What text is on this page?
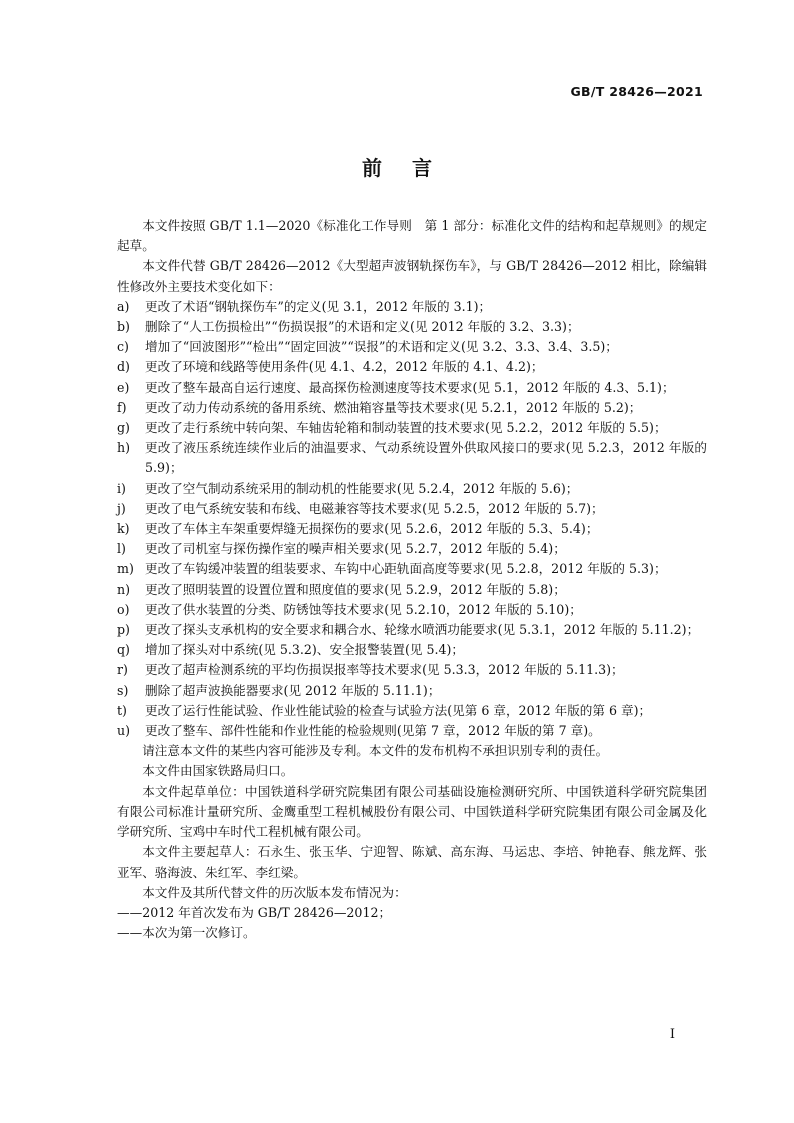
GB/T 28426—2021
前言

本文件按照 GB/T 1.1—2020《标准化工作导则　第 1 部分：标准化文件的结构和起草规则》的规定起草。

本文件代替 GB/T 28426—2012《大型超声波钢轨探伤车》，与 GB/T 28426—2012 相比，除编辑性修改外主要技术变化如下：

a)	更改了术语“钢轨探伤车”的定义(见 3.1，2012 年版的 3.1)；
b)	删除了“人工伤损检出”“伤损误报”的术语和定义(见 2012 年版的 3.2、3.3)；
c)	增加了“回波图形”“检出”“固定回波”“误报”的术语和定义(见 3.2、3.3、3.4、3.5)；
d)	更改了环境和线路等使用条件(见 4.1、4.2，2012 年版的 4.1、4.2)；
e)	更改了整车最高自运行速度、最高探伤检测速度等技术要求(见 5.1，2012 年版的 4.3、5.1)；
f)	更改了动力传动系统的备用系统、燃油箱容量等技术要求(见 5.2.1，2012 年版的 5.2)；
g)	更改了走行系统中转向架、车轴齿轮箱和制动装置的技术要求(见 5.2.2，2012 年版的 5.5)；
h)	更改了液压系统连续作业后的油温要求、气动系统设置外供取风接口的要求(见 5.2.3，2012 年版的 5.9)；
i)	更改了空气制动系统采用的制动机的性能要求(见 5.2.4，2012 年版的 5.6)；
j)	更改了电气系统安装和布线、电磁兼容等技术要求(见 5.2.5，2012 年版的 5.7)；
k)	更改了车体主车架重要焊缝无损探伤的要求(见 5.2.6，2012 年版的 5.3、5.4)；
l)	更改了司机室与探伤操作室的噪声相关要求(见 5.2.7，2012 年版的 5.4)；
m) 更改了车钩缓冲装置的组装要求、车钩中心距轨面高度等要求(见 5.2.8，2012 年版的 5.3)；
n)	更改了照明装置的设置位置和照度值的要求(见 5.2.9，2012 年版的 5.8)；
o)	更改了供水装置的分类、防锈蚀等技术要求(见 5.2.10，2012 年版的 5.10)；
p)	更改了探头支承机构的安全要求和耦合水、轮缘水喷洒功能要求(见 5.3.1，2012 年版的 5.11.2)；
q)	增加了探头对中系统(见 5.3.2)、安全报警装置(见 5.4)；
r)	更改了超声检测系统的平均伤损误报率等技术要求(见 5.3.3，2012 年版的 5.11.3)；
s)	删除了超声波换能器要求(见 2012 年版的 5.11.1)；
t)	更改了运行性能试验、作业性能试验的检查与试验方法(见第 6 章，2012 年版的第 6 章)；
u)	更改了整车、部件性能和作业性能的检验规则(见第 7 章，2012 年版的第 7 章)。

请注意本文件的某些内容可能涉及专利。本文件的发布机构不承担识别专利的责任。

本文件由国家铁路局归口。

本文件起草单位：中国铁道科学研究院集团有限公司基础设施检测研究所、中国铁道科学研究院集团有限公司标准计量研究所、金鹰重型工程机械股份有限公司、中国铁道科学研究院集团有限公司金属及化学研究所、宝鸡中车时代工程机械有限公司。

本文件主要起草人：石永生、张玉华、宁迎智、陈斌、高东海、马运忠、李培、钟艳春、熊龙辉、张亚军、骆海波、朱红军、李红梁。

本文件及其所代替文件的历次版本发布情况为：

——2012 年首次发布为 GB/T 28426—2012；

——本次为第一次修订。

I
